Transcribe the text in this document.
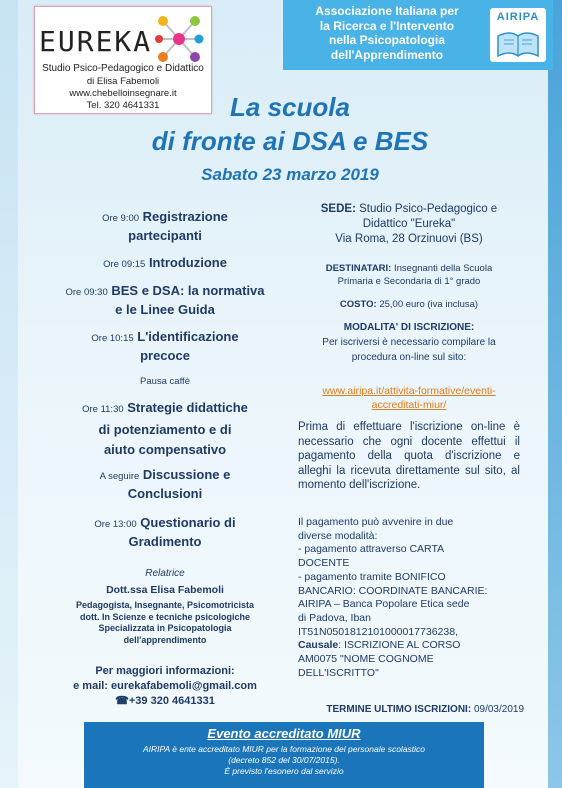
EUREKA
Studio Psico-Pedagogico e Didattico
di Elisa Fabemoli
www.chebelloinsegnare.it
Tel. 320 4641331
Associazione Italiana per
la Ricerca e l'Intervento
nella Psicopatologia
dell'Apprendimento
AIRIPA
La scuola
di fronte ai DSA e BES
Sabato 23 marzo 2019
Ore 9:00 Registrazione
partecipanti
Ore 09:15 Introduzione
Ore 09:30 BES e DSA: la normativa
e le Linee Guida
Ore 10:15 L'identificazione
precoce
Pausa caffè
Ore 11:30 Strategie didattiche
di potenziamento e di
aiuto compensativo
A seguire Discussione e
Conclusioni
Ore 13:00 Questionario di
Gradimento
Relatrice
Dott.ssa Elisa Fabemoli
Pedagogista, Insegnante, Psicomotricista
dott. In Scienze e tecniche psicologiche
Specializzata in Psicopatologia
dell'apprendimento
Per maggiori informazioni:
e mail: eurekafabemoli@gmail.com
☎+39 320 4641331
SEDE: Studio Psico-Pedagogico e
Didattico "Eureka"
Via Roma, 28 Orzinuovi (BS)
DESTINATARI: Insegnanti della Scuola
Primaria e Secondaria di 1° grado
COSTO: 25,00 euro (iva inclusa)
MODALITA' DI ISCRIZIONE:
Per iscriversi è necessario compilare la
procedura on-line sul sito:
www.airipa.it/attivita-formative/eventi-
accreditati-miur/
Prima di effettuare l'iscrizione on-line è necessario che ogni docente effettui il pagamento della quota d'iscrizione e alleghi la ricevuta direttamente sul sito, al momento dell'iscrizione.
Il pagamento può avvenire in due
diverse modalità:
- pagamento attraverso CARTA
DOCENTE
- pagamento tramite BONIFICO
BANCARIO: COORDINATE BANCARIE:
AIRIPA – Banca Popolare Etica sede
di Padova, Iban
IT51N0501812101000017736238,
Causale: ISCRIZIONE AL CORSO
AM0075 "NOME COGNOME
DELL'ISCRITTO"
TERMINE ULTIMO ISCRIZIONI: 09/03/2019
Evento accreditato MIUR
AIRIPA è ente accreditato MIUR per la formazione del personale scolastico
(decreto 852 del 30/07/2015).
È previsto l'esonero dal servizio
